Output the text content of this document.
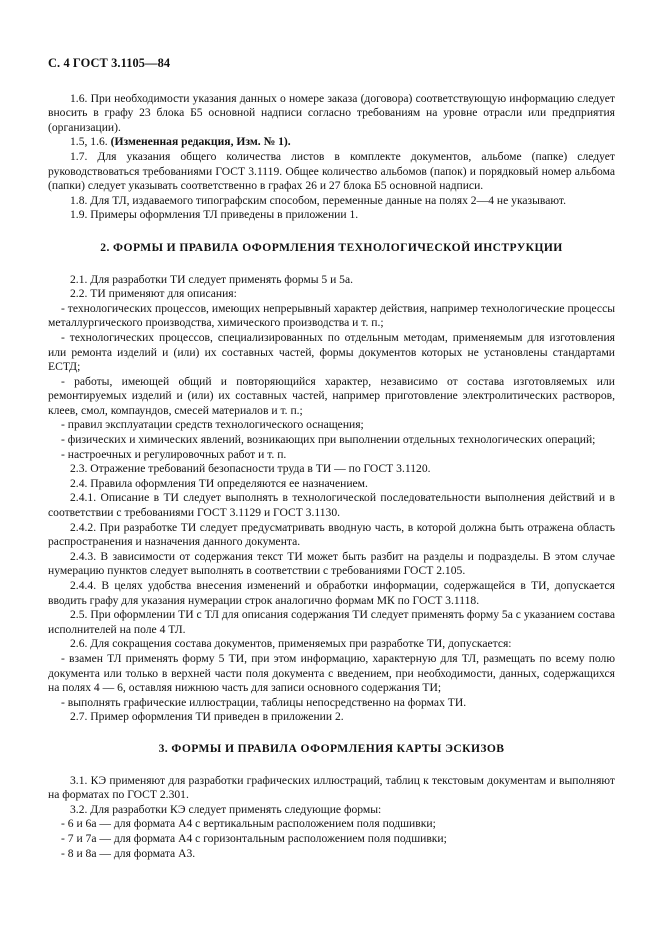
С. 4 ГОСТ 3.1105—84

1.6. При необходимости указания данных о номере заказа (договора) соответствующую информацию следует вносить в графу 23 блока Б5 основной надписи согласно требованиям на уровне отрасли или предприятия (организации).

1.5, 1.6. (Измененная редакция, Изм. № 1).

1.7. Для указания общего количества листов в комплекте документов, альбоме (папке) следует руководствоваться требованиями ГОСТ 3.1119. Общее количество альбомов (папок) и порядковый номер альбома (папки) следует указывать соответственно в графах 26 и 27 блока Б5 основной надписи.

1.8. Для ТЛ, издаваемого типографским способом, переменные данные на полях 2—4 не указывают.

1.9. Примеры оформления ТЛ приведены в приложении 1.

2. ФОРМЫ И ПРАВИЛА ОФОРМЛЕНИЯ ТЕХНОЛОГИЧЕСКОЙ ИНСТРУКЦИИ

2.1. Для разработки ТИ следует применять формы 5 и 5а.

2.2. ТИ применяют для описания:

- технологических процессов, имеющих непрерывный характер действия, например технологические процессы металлургического производства, химического производства и т. п.;

- технологических процессов, специализированных по отдельным методам, применяемым для изготовления или ремонта изделий и (или) их составных частей, формы документов которых не установлены стандартами ЕСТД;

- работы, имеющей общий и повторяющийся характер, независимо от состава изготовляемых или ремонтируемых изделий и (или) их составных частей, например приготовление электролитических растворов, клеев, смол, компаундов, смесей материалов и т. п.;

- правил эксплуатации средств технологического оснащения;

- физических и химических явлений, возникающих при выполнении отдельных технологических операций;

- настроечных и регулировочных работ и т. п.

2.3. Отражение требований безопасности труда в ТИ — по ГОСТ 3.1120.

2.4. Правила оформления ТИ определяются ее назначением.

2.4.1. Описание в ТИ следует выполнять в технологической последовательности выполнения действий и в соответствии с требованиями ГОСТ 3.1129 и ГОСТ 3.1130.

2.4.2. При разработке ТИ следует предусматривать вводную часть, в которой должна быть отражена область распространения и назначения данного документа.

2.4.3. В зависимости от содержания текст ТИ может быть разбит на разделы и подразделы. В этом случае нумерацию пунктов следует выполнять в соответствии с требованиями ГОСТ 2.105.

2.4.4. В целях удобства внесения изменений и обработки информации, содержащейся в ТИ, допускается вводить графу для указания нумерации строк аналогично формам МК по ГОСТ 3.1118.

2.5. При оформлении ТИ с ТЛ для описания содержания ТИ следует применять форму 5а с указанием состава исполнителей на поле 4 ТЛ.

2.6. Для сокращения состава документов, применяемых при разработке ТИ, допускается:

- взамен ТЛ применять форму 5 ТИ, при этом информацию, характерную для ТЛ, размещать по всему полю документа или только в верхней части поля документа с введением, при необходимости, данных, содержащихся на полях 4 — 6, оставляя нижнюю часть для записи основного содержания ТИ;

- выполнять графические иллюстрации, таблицы непосредственно на формах ТИ.

2.7. Пример оформления ТИ приведен в приложении 2.

3. ФОРМЫ И ПРАВИЛА ОФОРМЛЕНИЯ КАРТЫ ЭСКИЗОВ

3.1. КЭ применяют для разработки графических иллюстраций, таблиц к текстовым документам и выполняют на форматах по ГОСТ 2.301.

3.2. Для разработки КЭ следует применять следующие формы:

- 6 и 6а — для формата А4 с вертикальным расположением поля подшивки;

- 7 и 7а — для формата А4 с горизонтальным расположением поля подшивки;

- 8 и 8а — для формата А3.
